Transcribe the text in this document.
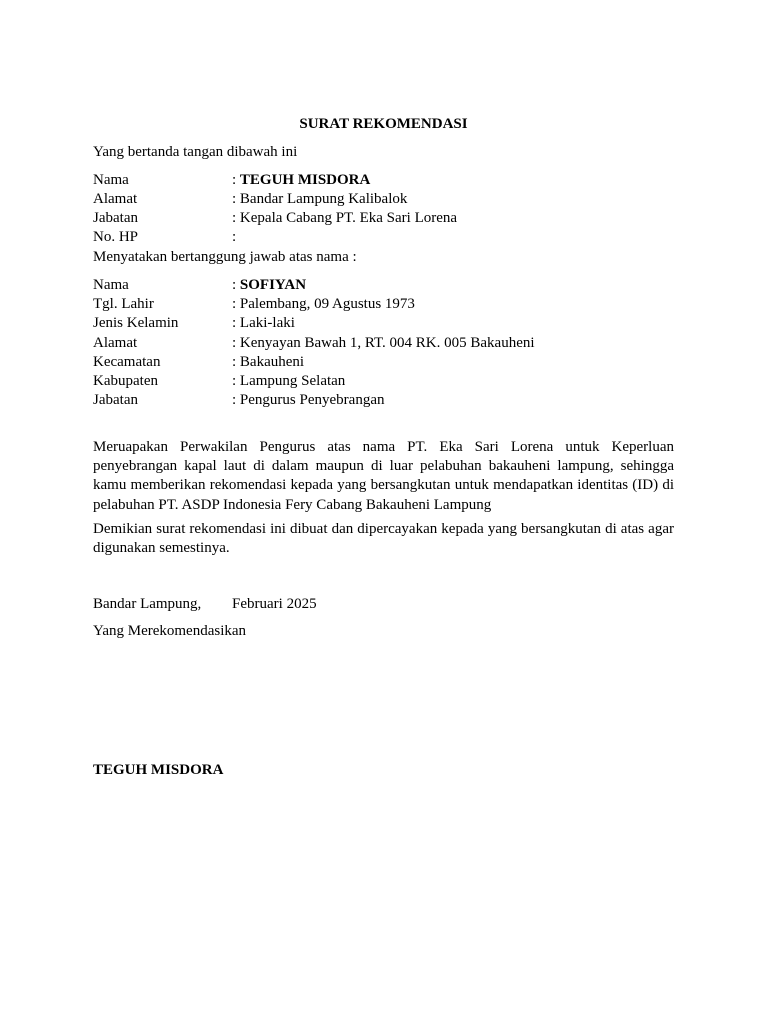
SURAT REKOMENDASI
Yang bertanda tangan dibawah ini
Nama	: TEGUH MISDORA
Alamat	: Bandar Lampung Kalibalok
Jabatan	: Kepala Cabang PT. Eka Sari Lorena
No. HP	:
Menyatakan bertanggung jawab atas nama :
Nama	: SOFIYAN
Tgl. Lahir	: Palembang, 09 Agustus 1973
Jenis Kelamin	: Laki-laki
Alamat	: Kenyayan Bawah 1, RT. 004 RK. 005 Bakauheni
Kecamatan	: Bakauheni
Kabupaten	: Lampung Selatan
Jabatan	: Pengurus Penyebrangan
Meruapakan Perwakilan Pengurus atas nama PT. Eka Sari Lorena untuk Keperluan penyebrangan kapal laut di dalam maupun di luar pelabuhan bakauheni lampung, sehingga kamu memberikan rekomendasi kepada yang bersangkutan untuk mendapatkan identitas (ID) di pelabuhan PT. ASDP Indonesia Fery Cabang Bakauheni Lampung
Demikian surat rekomendasi ini dibuat dan dipercayakan kepada yang bersangkutan di atas agar digunakan semestinya.
Bandar Lampung, Februari 2025
Yang Merekomendasikan
TEGUH MISDORA
